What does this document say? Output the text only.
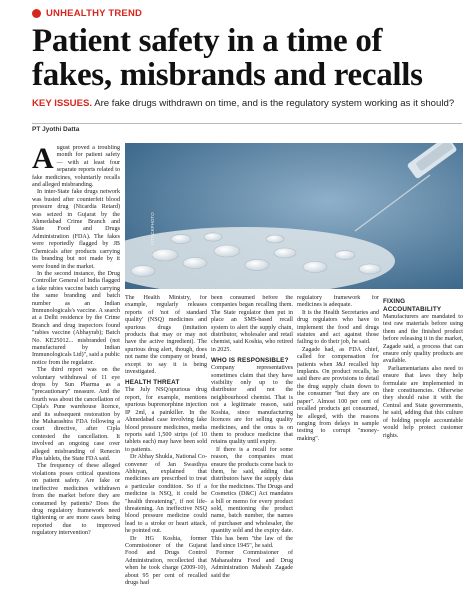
UNHEALTHY TREND
Patient safety in a time of fakes, misbrands and recalls
KEY ISSUES. Are fake drugs withdrawn on time, and is the regulatory system working as it should?
PT Jyothi Datta
ISTOCKPHOTO

August proved a troubling month for patient safety — with at least four separate reports related to fake medicines, voluntarily recalls and alleged misbranding.

In inter-State fake drugs network was busted after counterfeit blood pressure drug (Nicardia Retard) was seized in Gujarat by the Ahmedabad Crime Branch and State Food and Drugs Administration (FDA). The fakes were reportedly flagged by JB Chemicals after products carrying its branding but not made by it were found in the market.

In the second instance, the Drug Controller General of India flagged a fake rabies vaccine batch carrying the same branding and batch number as an Indian Immunologicals's vaccine. A search at a Delhi residence by the Crime Branch and drug inspectors found "rabies vaccine (Abhayrab); Batch No. KE25012... misbranded (not manufactured by Indian Immunologicals Ltd)", said a public notice from the regulator.

The third report was on the voluntary withdrawal of 11 eye drops by Sun Pharma as a "precautionary" measure. And the fourth was about the cancellation of Cipla's Pune warehouse licence, and its subsequent restoration by the Maharashtra FDA following a court directive, after Cipla contested the cancellation. It involved an ongoing case over alleged misbranding of Renecin Plus tablets, the State FDA said.

The frequency of these alleged violations poses critical questions on patient safety. Are fake or ineffective medicines withdrawn from the market before they are consumed by patients? Does the drug regulatory framework need tightening or are more cases being reported due to improved regulatory intervention?

The Health Ministry, for example, regularly releases reports of 'not of standard quality' (NSQ) medicines and spurious drugs (imitation products that may or may not have the active ingredient). The spurious drug alert, though, does not name the company or brand, except to say it is being investigated.

HEALTH THREAT

The July NSQ/spurious drug report, for example, mentions spurious buprenorphine injection IP 2ml, a painkiller. In the Ahmedabad case involving fake blood pressure medicines, media reports said 1,500 strips (of 10 tablets each) may have been sold to patients.

Dr Abhay Shukla, National Co-convener of Jan Swasthya Abhiyan, explained that medicines are prescribed to treat a particular condition. So if a medicine is NSQ, it could be "health threatening", if not life-threatening. An ineffective NSQ blood pressure medicine could lead to a stroke or heart attack, he pointed out.

Dr HG Koshia, former Commissioner of the Gujarat Food and Drugs Control Administration, recollected that when he took charge (2009-10), about 95 per cent of recalled drugs had

been consumed before the companies began recalling them. The State regulator then put in place an SMS-based recall system to alert the supply chain, distributor, wholesaler and retail chemist, said Koshia, who retired in 2025.

WHO IS RESPONSIBLE?

Company representatives sometimes claim that they have visibility only up to the distributor and not the neighbourhood chemist. That is not a legitimate reason, said Koshia, since manufacturing licences are for selling quality medicines, and the onus is on them to produce medicine that retains quality until expiry.

If there is a recall for some reason, the companies must ensure the products come back to them, he said, adding that distributors have the supply data for the medicines. The Drugs and Cosmetics (D&C) Act mandates a bill or memo for every product sold, mentioning the product name, batch number, the names of purchaser and wholesaler, the quantity sold and the expiry date. This has been "the law of the land since 1945", he said.

Former Commissioner of Maharashtra Food and Drug Administration Mahesh Zagade said the

regulatory framework for medicines is adequate.

It is the Health Secretaries and drug regulators who have to implement the food and drugs statutes and act against those failing to do their job, he said.

Zagade had, as FDA chief, called for compensation for patients when J&J recalled hip implants. On product recalls, he said there are provisions to detail the drug supply chain down to the consumer "but they are on paper". Almost 100 per cent of recalled products get consumed, he alleged, with the reasons ranging from delays in sample testing to corrupt "money-making".

FIXING ACCOUNTABILITY

Manufacturers are mandated to test raw materials before using them and the finished product before releasing it in the market, Zagade said, a process that can ensure only quality products are available.

Parliamentarians also need to ensure that laws they help formulate are implemented in their constituencies. Otherwise they should raise it with the Central and State governments, he said, adding that this culture of holding people accountable would help protect customer rights.
